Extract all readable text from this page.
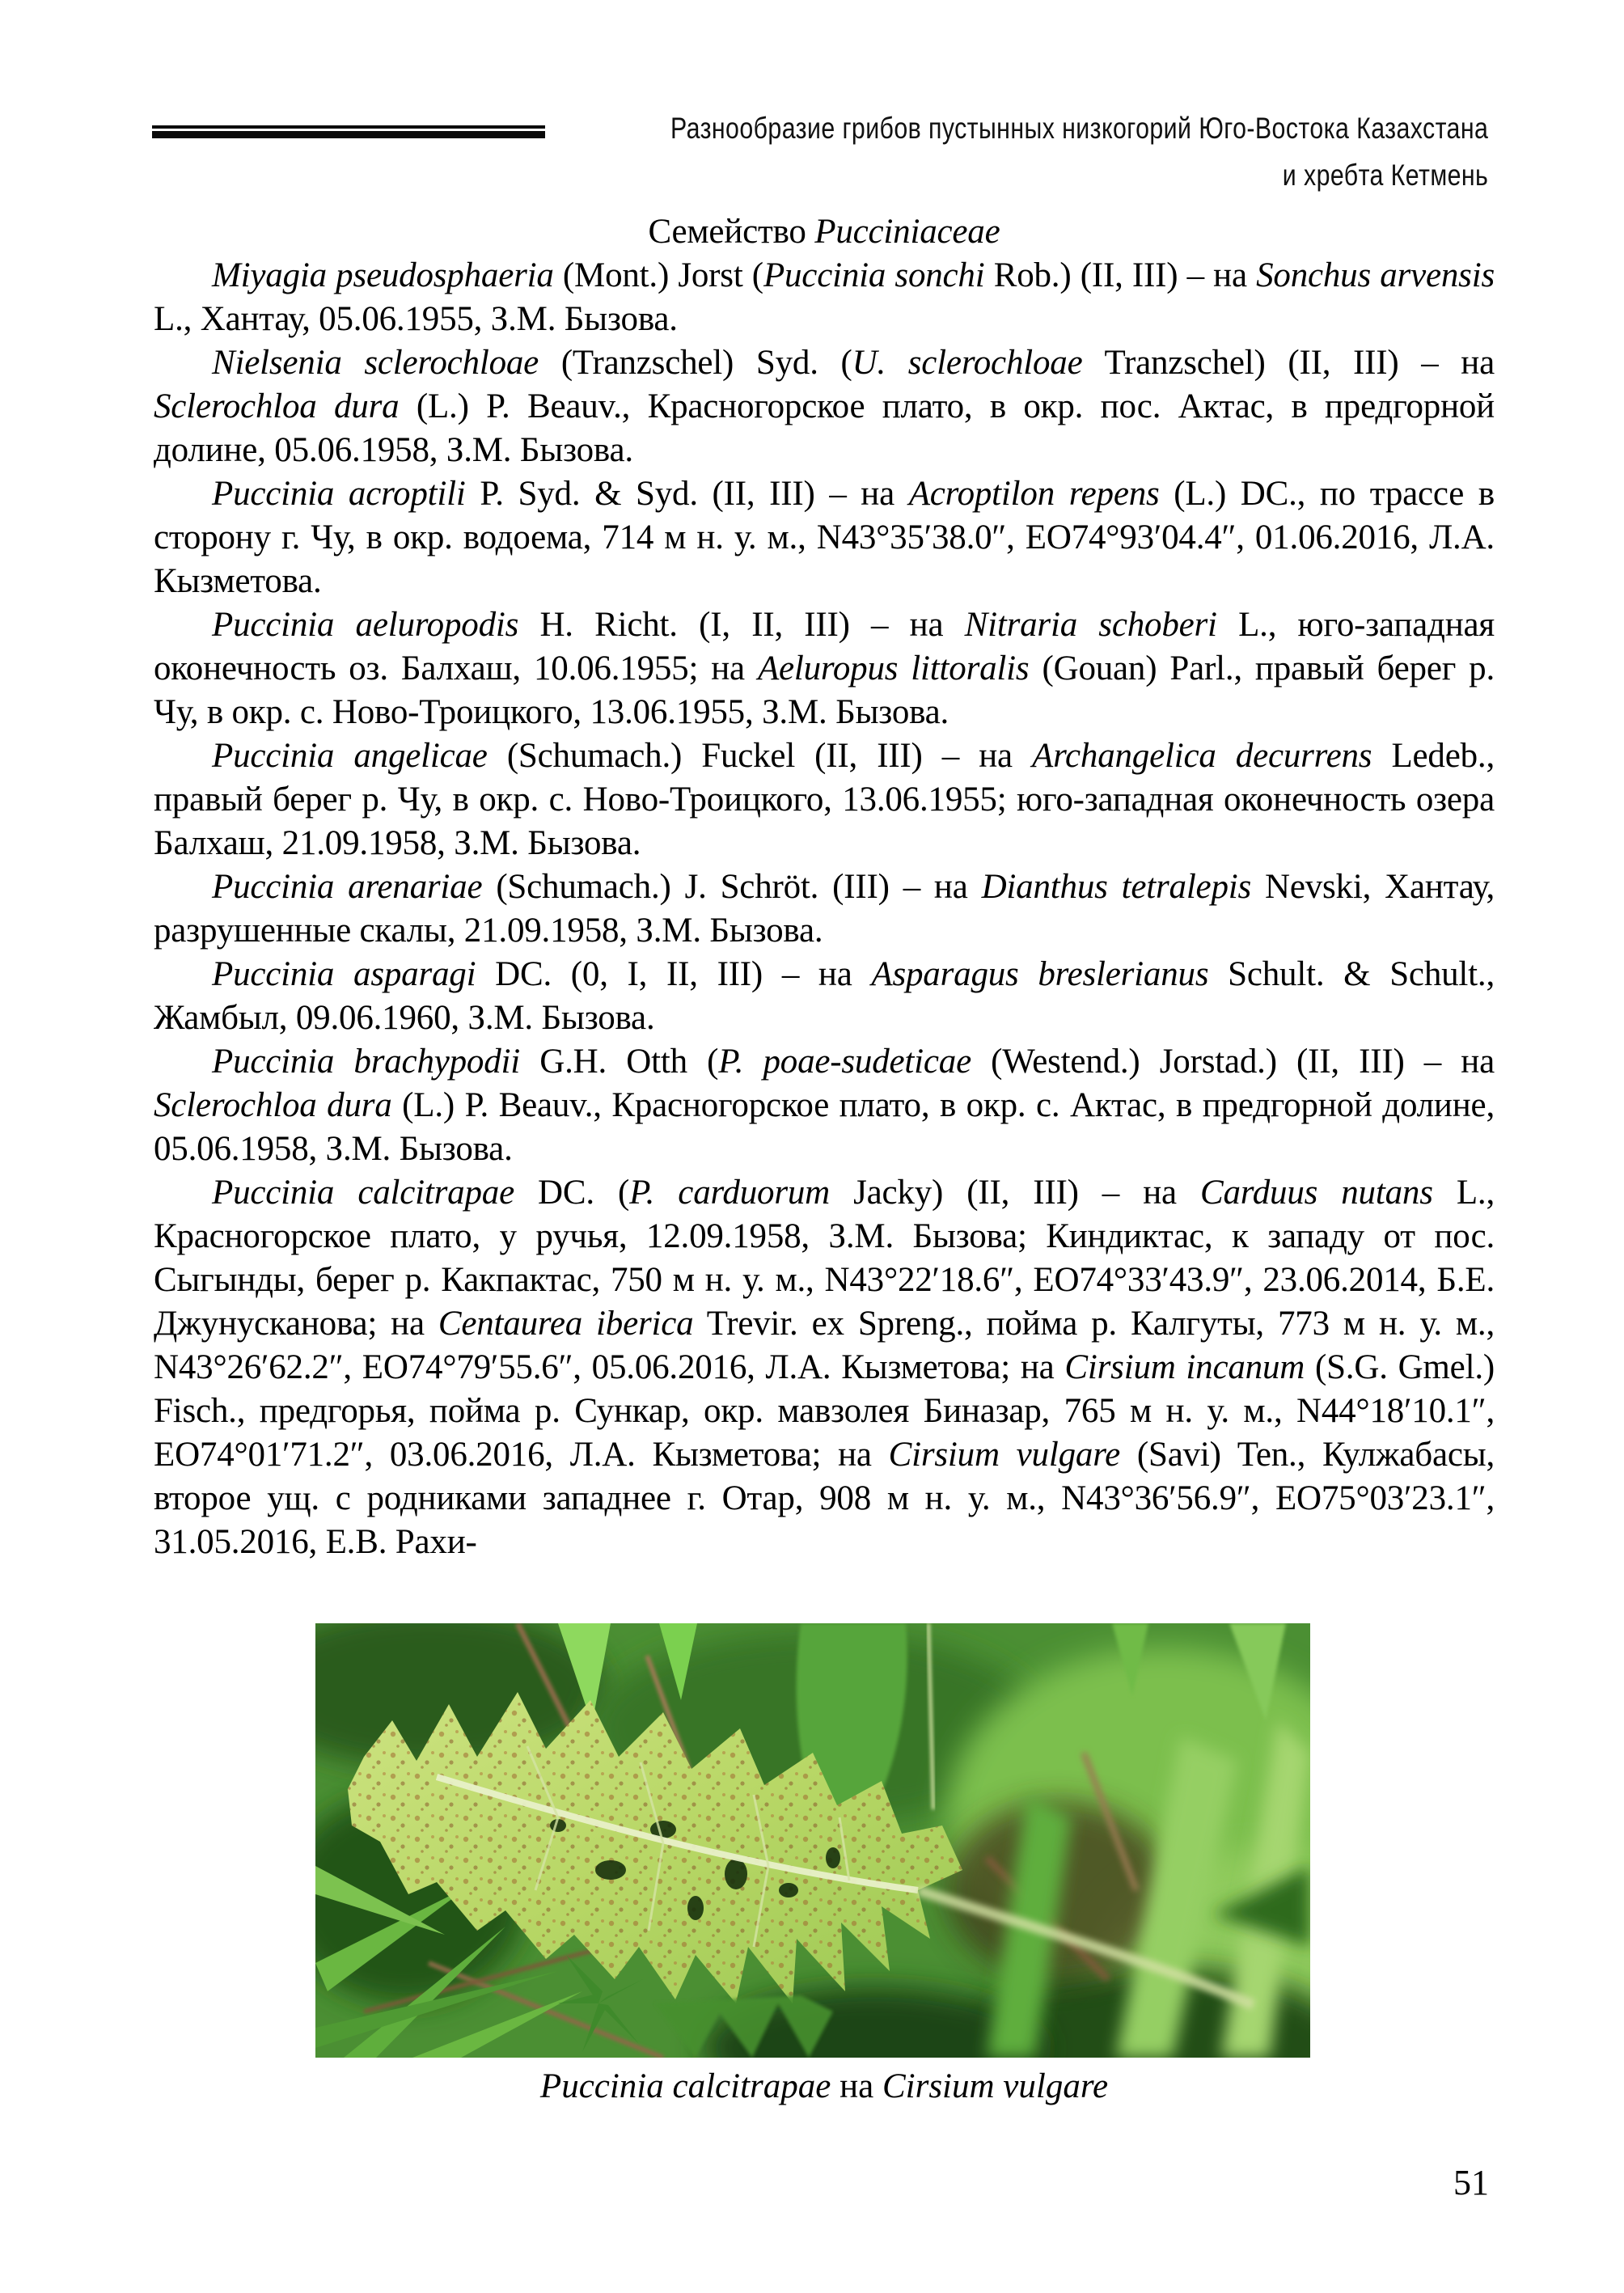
Разнообразие грибов пустынных низкогорий Юго-Востока Казахстана
и хребта Кетмень

Семейство Pucciniaceae

Miyagia pseudosphaeria (Mont.) Jorst (Puccinia sonchi Rob.) (II, III) – на Sonchus arvensis L., Хантау, 05.06.1955, З.М. Бызова.

Nielsenia sclerochloae (Tranzschel) Syd. (U. sclerochloae Tranzschel) (II, III) – на Sclerochloa dura (L.) P. Beauv., Красногорское плато, в окр. пос. Актас, в предгорной долине, 05.06.1958, З.М. Бызова.

Puccinia acroptili P. Syd. & Syd. (II, III) – на Acroptilon repens (L.) DC., по трассе в сторону г. Чу, в окр. водоема, 714 м н. у. м., N43°35′38.0″, EO74°93′04.4″, 01.06.2016, Л.А. Кызметова.

Puccinia aeluropodis H. Richt. (I, II, III) – на Nitraria schoberi L., юго-западная оконечность оз. Балхаш, 10.06.1955; на Aeluropus littoralis (Gouan) Parl., правый берег р. Чу, в окр. с. Ново-Троицкого, 13.06.1955, З.М. Бызова.

Puccinia angelicae (Schumach.) Fuckel (II, III) – на Archangelica decurrens Ledeb., правый берег р. Чу, в окр. с. Ново-Троицкого, 13.06.1955; юго-западная оконечность озера Балхаш, 21.09.1958, З.М. Бызова.

Puccinia arenariae (Schumach.) J. Schröt. (III) – на Dianthus tetralepis Nevski, Хантау, разрушенные скалы, 21.09.1958, З.М. Бызова.

Puccinia asparagi DC. (0, I, II, III) – на Asparagus breslerianus Schult. & Schult., Жамбыл, 09.06.1960, З.М. Бызова.

Puccinia brachypodii G.H. Otth (P. poae-sudeticae (Westend.) Jorstad.) (II, III) – на Sclerochloa dura (L.) P. Beauv., Красногорское плато, в окр. с. Актас, в предгорной долине, 05.06.1958, З.М. Бызова.

Puccinia calcitrapae DC. (P. carduorum Jacky) (II, III) – на Carduus nutans L., Красногорское плато, у ручья, 12.09.1958, З.М. Бызова; Киндиктас, к западу от пос. Сыгынды, берег р. Какпактас, 750 м н. у. м., N43°22′18.6″, EO74°33′43.9″, 23.06.2014, Б.Е. Джунусканова; на Centaurea iberica Trevir. ex Spreng., пойма р. Калгуты, 773 м н. у. м., N43°26′62.2″, EO74°79′55.6″, 05.06.2016, Л.А. Кызметова; на Cirsium incanum (S.G. Gmel.) Fisch., предгорья, пойма р. Сункар, окр. мавзолея Биназар, 765 м н. у. м., N44°18′10.1″, EO74°01′71.2″, 03.06.2016, Л.А. Кызметова; на Cirsium vulgare (Savi) Ten., Кулжабасы, второе ущ. с родниками западнее г. Отар, 908 м н. у. м., N43°36′56.9″, EO75°03′23.1″, 31.05.2016, Е.В. Рахи-

Puccinia calcitrapae на Cirsium vulgare
51
